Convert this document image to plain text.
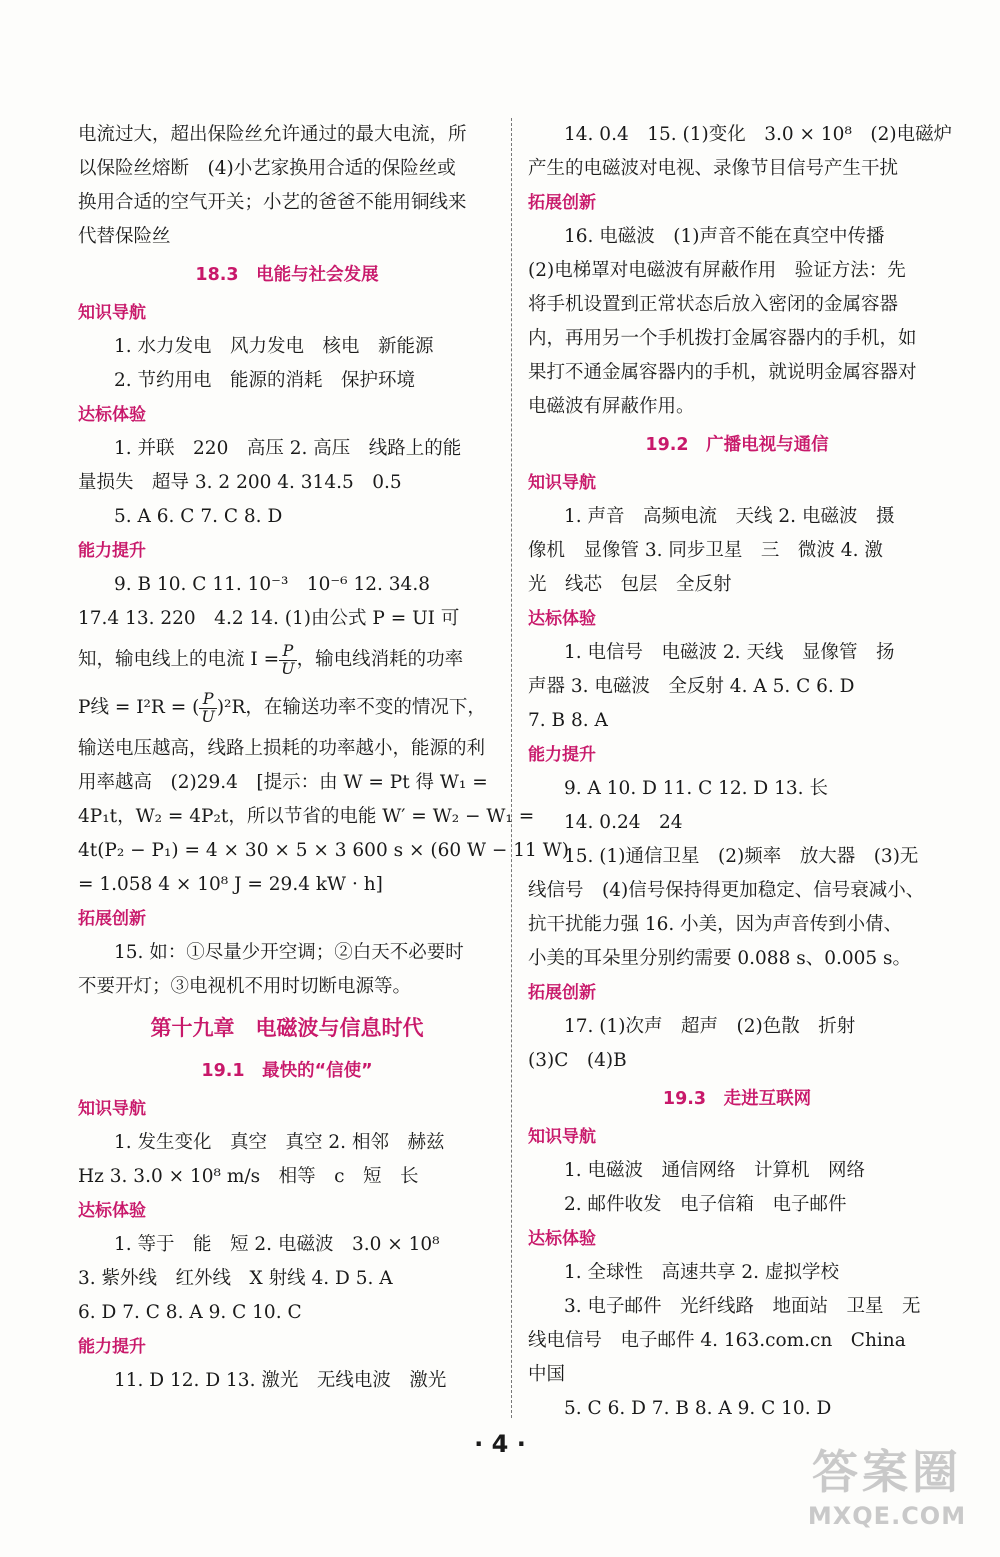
电流过大，超出保险丝允许通过的最大电流，所

以保险丝熔断　(4)小艺家换用合适的保险丝或

换用合适的空气开关；小艺的爸爸不能用铜线来

代替保险丝

18.3　电能与社会发展

知识导航

1. 水力发电　风力发电　核电　新能源

2. 节约用电　能源的消耗　保护环境

达标体验

1. 并联　220　高压 2. 高压　线路上的能

量损失　超导 3. 2 200 4. 314.5　0.5

5. A 6. C 7. C 8. D

能力提升

9. B 10. C 11. 10⁻³　10⁻⁶ 12. 34.8

17.4 13. 220　4.2 14. (1)由公式 P = UI 可

知，输电线上的电流 $I = \frac{P}{U}$ ，输电线消耗的功率

P线 = I²R = ( $\frac{P}{U} )^2R$，在输送功率不变的情况下，

输送电压越高，线路上损耗的功率越小，能源的利

用率越高　(2)29.4　[提示：由 W = Pt 得 W₁ =

4P₁t，W₂ = 4P₂t，所以节省的电能 W′ = W₂ − W₁ =

4t(P₂ − P₁) = 4 × 30 × 5 × 3 600 s × (60 W − 11 W)

= 1.058 4 × 10⁸ J = 29.4 kW · h]

拓展创新

15. 如：①尽量少开空调；②白天不必要时

不要开灯；③电视机不用时切断电源等。

第十九章　电磁波与信息时代

19.1　最快的“信使”

知识导航

1. 发生变化　真空　真空 2. 相邻　赫兹

Hz 3. 3.0 × 10⁸ m/s　相等　c　短　长

达标体验

1. 等于　能　短 2. 电磁波　3.0 × 10⁸

3. 紫外线　红外线　X 射线 4. D 5. A

6. D 7. C 8. A 9. C 10. C

能力提升

11. D 12. D 13. 激光　无线电波　激光

14. 0.4　15. (1)变化　3.0 × 10⁸　(2)电磁炉

产生的电磁波对电视、录像节目信号产生干扰

拓展创新

16. 电磁波　(1)声音不能在真空中传播

(2)电梯罩对电磁波有屏蔽作用　验证方法：先

将手机设置到正常状态后放入密闭的金属容器

内，再用另一个手机拨打金属容器内的手机，如

果打不通金属容器内的手机，就说明金属容器对

电磁波有屏蔽作用。

19.2　广播电视与通信

知识导航

1. 声音　高频电流　天线 2. 电磁波　摄

像机　显像管 3. 同步卫星　三　微波 4. 激

光　线芯　包层　全反射

达标体验

1. 电信号　电磁波 2. 天线　显像管　扬

声器 3. 电磁波　全反射 4. A 5. C 6. D

7. B 8. A

能力提升

9. A 10. D 11. C 12. D 13. 长

14. 0.24　24

15. (1)通信卫星　(2)频率　放大器　(3)无

线信号　(4)信号保持得更加稳定、信号衰减小、

抗干扰能力强 16. 小美，因为声音传到小倩、

小美的耳朵里分别约需要 0.088 s、0.005 s。

拓展创新

17. (1)次声　超声　(2)色散　折射

(3)C　(4)B

19.3　走进互联网

知识导航

1. 电磁波　通信网络　计算机　网络

2. 邮件收发　电子信箱　电子邮件

达标体验

1. 全球性　高速共享 2. 虚拟学校

3. 电子邮件　光纤线路　地面站　卫星　无

线电信号　电子邮件 4. 163.com.cn　China

中国

5. C 6. D 7. B 8. A 9. C 10. D

· 4 ·
答案圈
MXQE.COM
